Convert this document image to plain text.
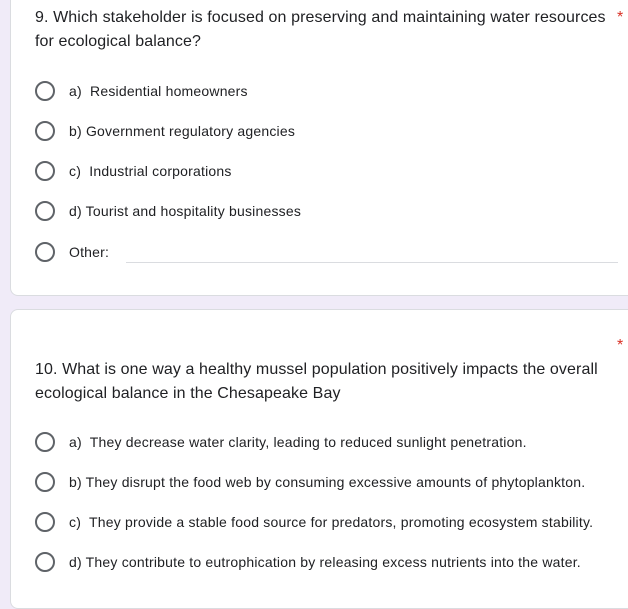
9. Which stakeholder is focused on preserving and maintaining water resources for ecological balance?

*
a)  Residential homeowners
b) Government regulatory agencies
c)  Industrial corporations
d) Tourist and hospitality businesses
Other:
*

10. What is one way a healthy mussel population positively impacts the overall ecological balance in the Chesapeake Bay

a)  They decrease water clarity, leading to reduced sunlight penetration.
b) They disrupt the food web by consuming excessive amounts of phytoplankton.
c)  They provide a stable food source for predators, promoting ecosystem stability.
d) They contribute to eutrophication by releasing excess nutrients into the water.
